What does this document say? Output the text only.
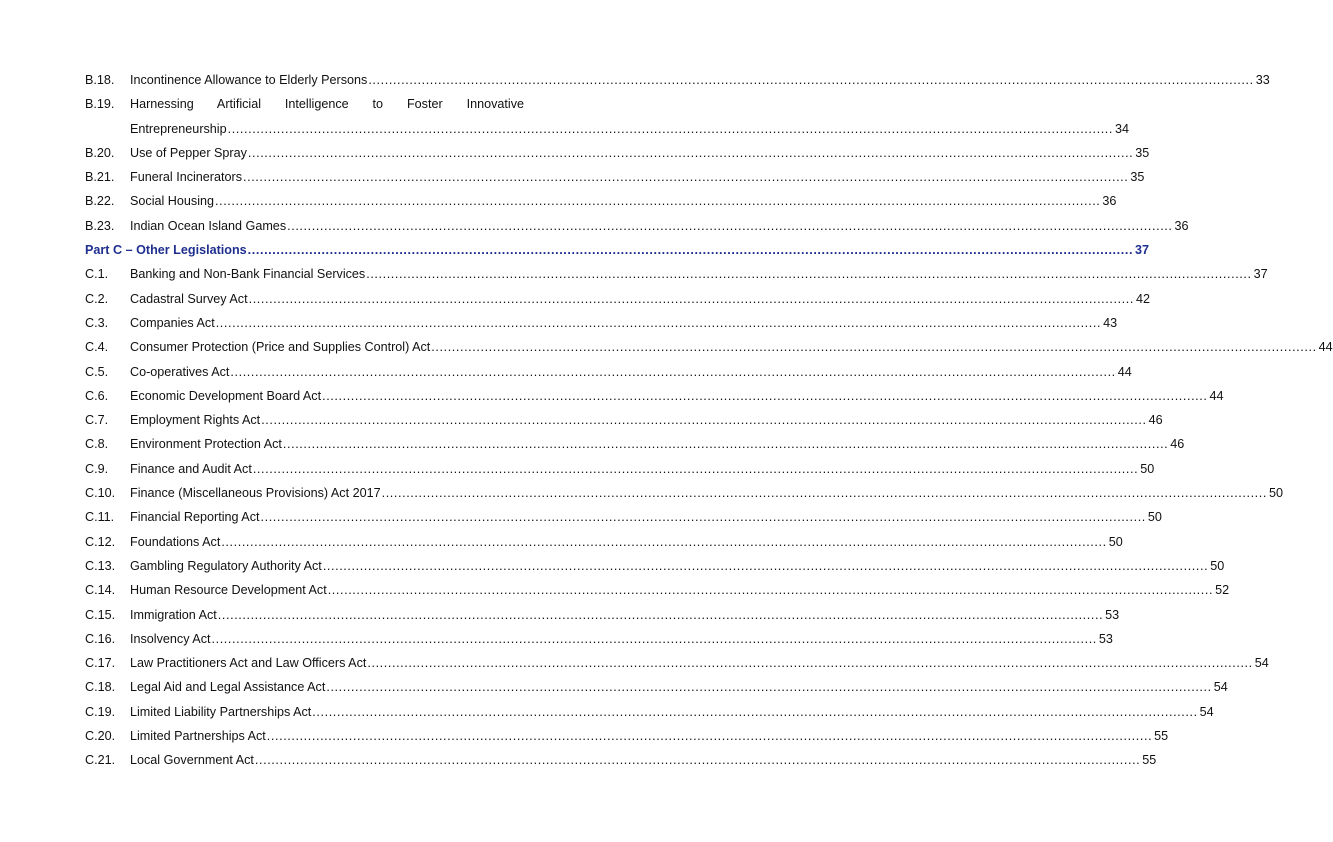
B.18.	Incontinence Allowance to Elderly Persons .....	33
B.19.	Harnessing Artificial Intelligence to Foster Innovative
Entrepreneurship .....	34
B.20.	Use of Pepper Spray .....	35
B.21.	Funeral Incinerators .....	35
B.22.	Social Housing .....	36
B.23.	Indian Ocean Island Games .....	36
Part C – Other Legislations .....	37
C.1.	Banking and Non-Bank Financial Services .....	37
C.2.	Cadastral Survey Act .....	42
C.3.	Companies Act .....	43
C.4.	Consumer Protection (Price and Supplies Control) Act .....	44
C.5.	Co-operatives Act .....	44
C.6.	Economic Development Board Act .....	44
C.7.	Employment Rights Act .....	46
C.8.	Environment Protection Act .....	46
C.9.	Finance and Audit Act .....	50
C.10.	Finance (Miscellaneous Provisions) Act 2017 .....	50
C.11.	Financial Reporting Act .....	50
C.12.	Foundations Act .....	50
C.13.	Gambling Regulatory Authority Act .....	50
C.14.	Human Resource Development Act .....	52
C.15.	Immigration Act .....	53
C.16.	Insolvency Act .....	53
C.17.	Law Practitioners Act and Law Officers Act .....	54
C.18.	Legal Aid and Legal Assistance Act .....	54
C.19.	Limited Liability Partnerships Act .....	54
C.20.	Limited Partnerships Act .....	55
C.21.	Local Government Act .....	55
